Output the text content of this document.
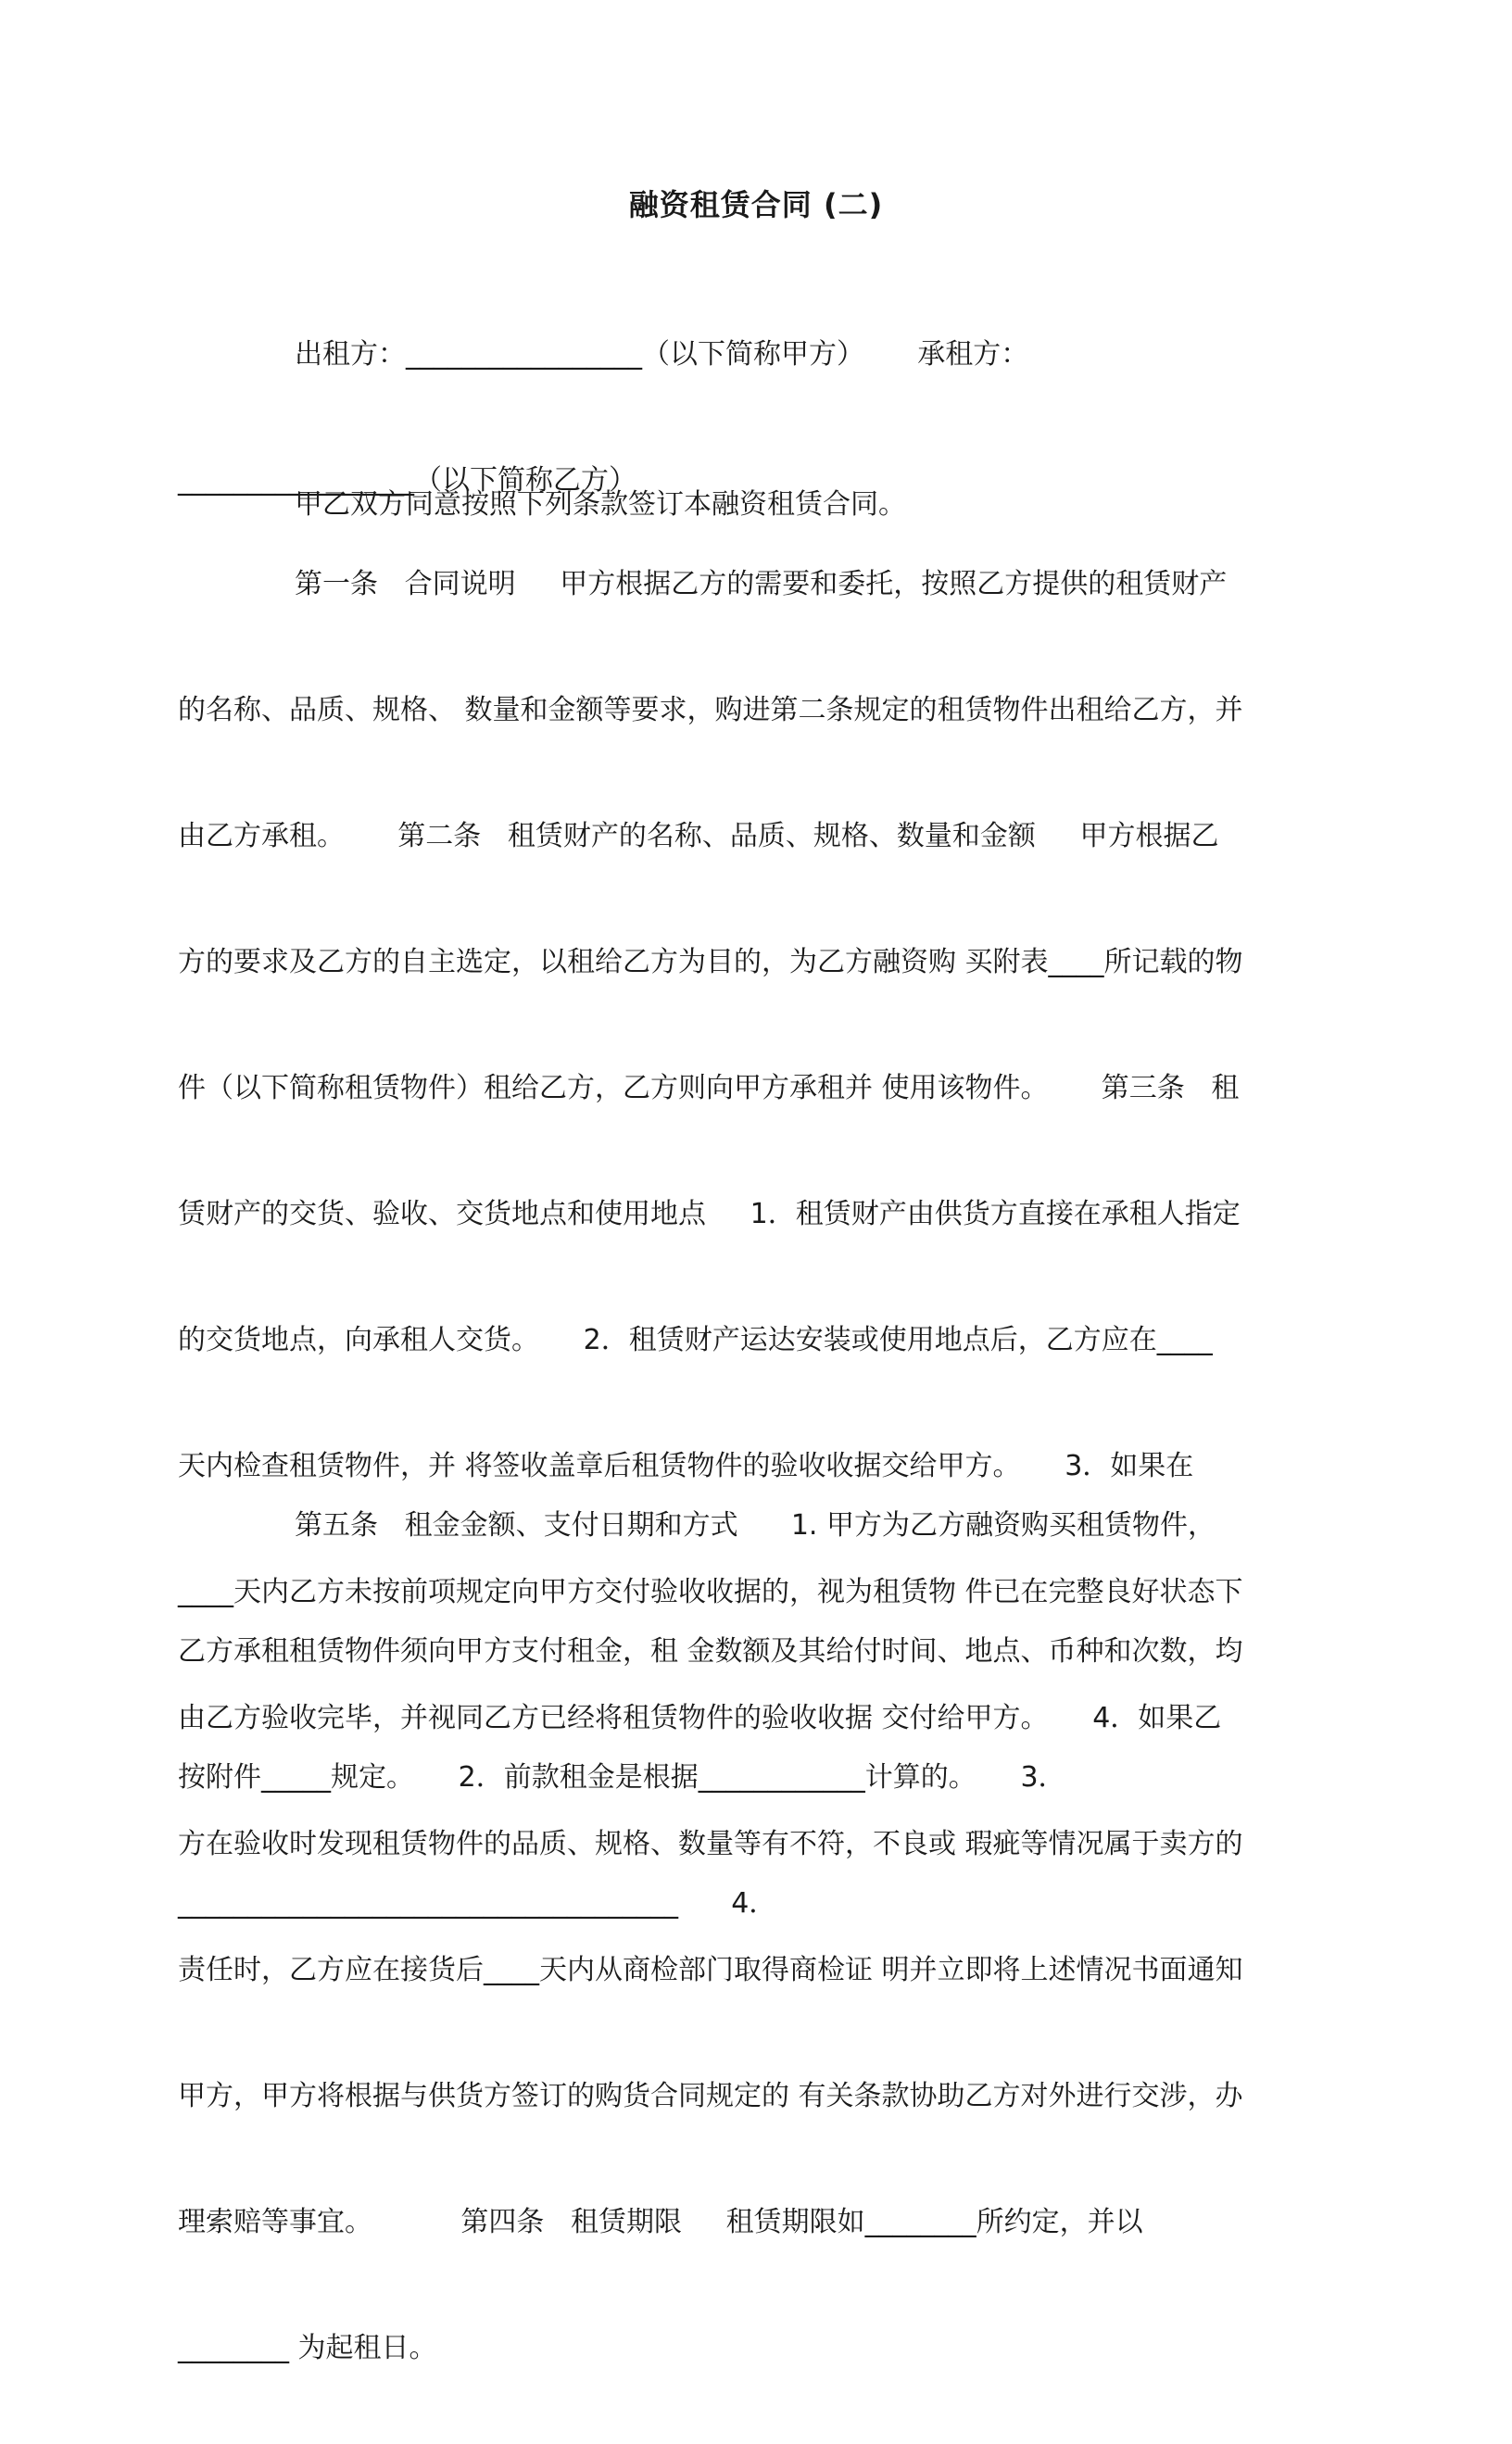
融资租赁合同 (二)

出租方：_________________（以下简称甲方）      承租方：

_________________（以下简称乙方）

甲乙双方同意按照下列条款签订本融资租赁合同。

第一条   合同说明     甲方根据乙方的需要和委托，按照乙方提供的租赁财产

的名称、品质、规格、 数量和金额等要求，购进第二条规定的租赁物件出租给乙方，并

由乙方承租。      第二条   租赁财产的名称、品质、规格、数量和金额     甲方根据乙

方的要求及乙方的自主选定，以租给乙方为目的，为乙方融资购 买附表____所记载的物

件（以下简称租赁物件）租给乙方，乙方则向甲方承租并 使用该物件。      第三条   租

赁财产的交货、验收、交货地点和使用地点     1．租赁财产由供货方直接在承租人指定

的交货地点，向承租人交货。     2．租赁财产运达安装或使用地点后，乙方应在____

天内检查租赁物件，并 将签收盖章后租赁物件的验收收据交给甲方。     3．如果在

____天内乙方未按前项规定向甲方交付验收收据的，视为租赁物 件已在完整良好状态下

由乙方验收完毕，并视同乙方已经将租赁物件的验收收据 交付给甲方。     4．如果乙

方在验收时发现租赁物件的品质、规格、数量等有不符，不良或 瑕疵等情况属于卖方的

责任时，乙方应在接货后____天内从商检部门取得商检证 明并立即将上述情况书面通知

甲方，甲方将根据与供货方签订的购货合同规定的 有关条款协助乙方对外进行交涉，办

理索赔等事宜。          第四条   租赁期限     租赁期限如________所约定，并以

________ 为起租日。

第五条   租金金额、支付日期和方式      1. 甲方为乙方融资购买租赁物件，

乙方承租租赁物件须向甲方支付租金，租 金数额及其给付时间、地点、币种和次数，均

按附件_____规定。     2．前款租金是根据____________计算的。     3．

____________________________________      4．
